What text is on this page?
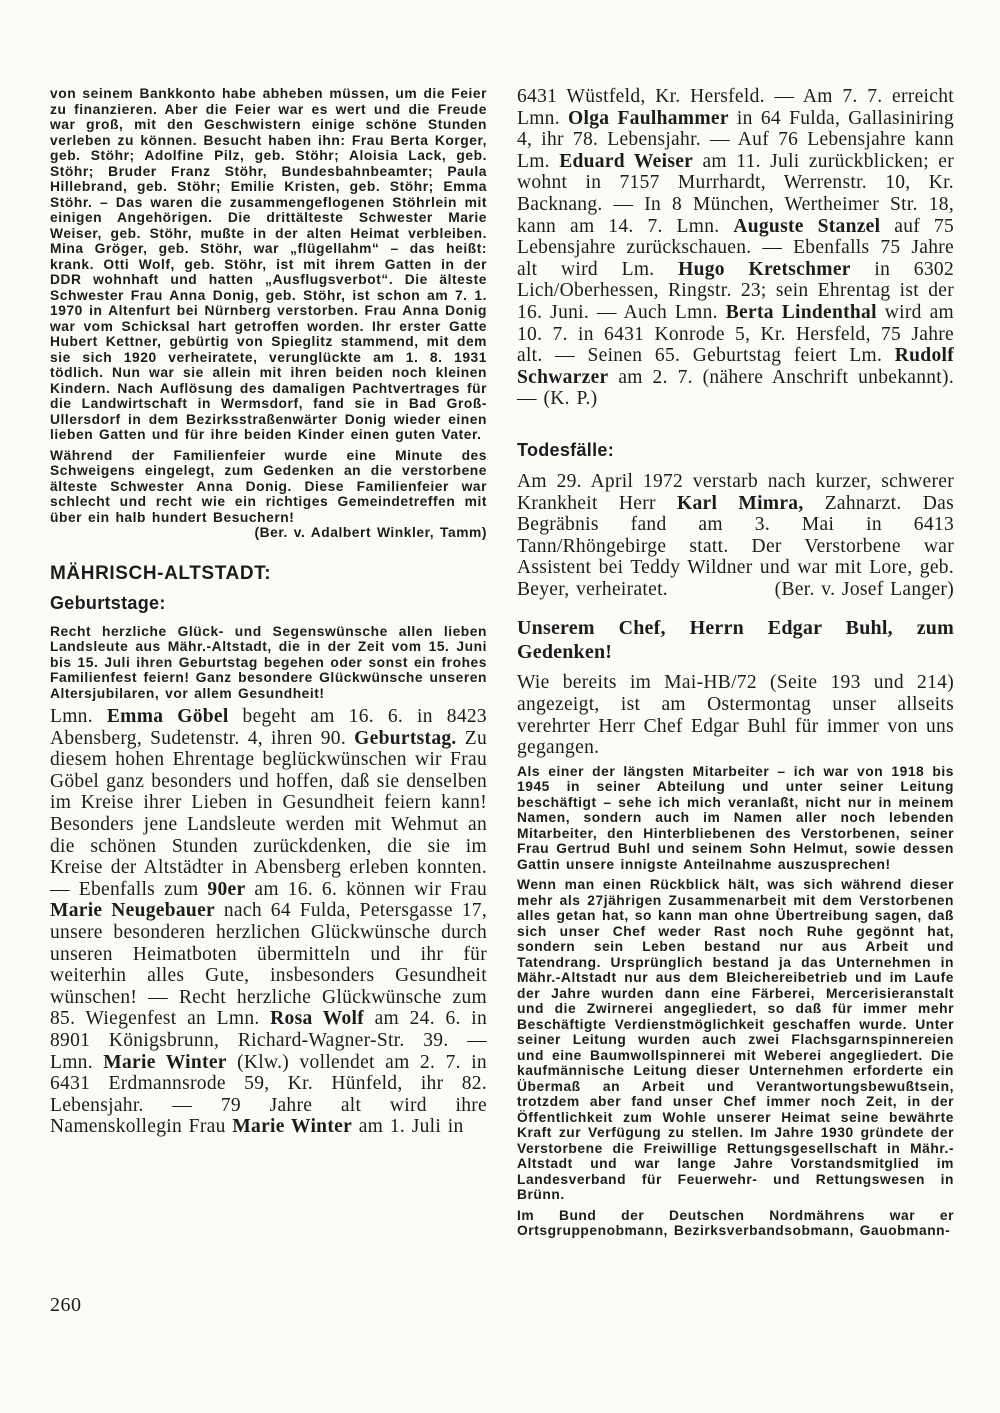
von seinem Bankkonto habe abheben müssen, um die Feier zu finanzieren. Aber die Feier war es wert und die Freude war groß, mit den Geschwistern einige schöne Stunden verleben zu können. Besucht haben ihn: Frau Berta Korger, geb. Stöhr; Adolfine Pilz, geb. Stöhr; Aloisia Lack, geb. Stöhr; Bruder Franz Stöhr, Bundesbahnbeamter; Paula Hillebrand, geb. Stöhr; Emilie Kristen, geb. Stöhr; Emma Stöhr. – Das waren die zusammengeflogenen Stöhrlein mit einigen Angehörigen. Die drittälteste Schwester Marie Weiser, geb. Stöhr, mußte in der alten Heimat verbleiben. Mina Gröger, geb. Stöhr, war „flügellahm“ – das heißt: krank. Otti Wolf, geb. Stöhr, ist mit ihrem Gatten in der DDR wohnhaft und hatten „Ausflugsverbot“. Die älteste Schwester Frau Anna Donig, geb. Stöhr, ist schon am 7. 1. 1970 in Altenfurt bei Nürnberg verstorben. Frau Anna Donig war vom Schicksal hart getroffen worden. Ihr erster Gatte Hubert Kettner, gebürtig von Spieglitz stammend, mit dem sie sich 1920 verheiratete, verunglückte am 1. 8. 1931 tödlich. Nun war sie allein mit ihren beiden noch kleinen Kindern. Nach Auflösung des damaligen Pachtvertrages für die Landwirtschaft in Wermsdorf, fand sie in Bad Groß-Ullersdorf in dem Bezirksstraßenwärter Donig wieder einen lieben Gatten und für ihre beiden Kinder einen guten Vater.
Während der Familienfeier wurde eine Minute des Schweigens eingelegt, zum Gedenken an die verstorbene älteste Schwester Anna Donig. Diese Familienfeier war schlecht und recht wie ein richtiges Gemeindetreffen mit über ein halb hundert Besuchern!
(Ber. v. Adalbert Winkler, Tamm)
MÄHRISCH-ALTSTADT:
Geburtstage:
Recht herzliche Glück- und Segenswünsche allen lieben Landsleute aus Mähr.-Altstadt, die in der Zeit vom 15. Juni bis 15. Juli ihren Geburtstag begehen oder sonst ein frohes Familienfest feiern! Ganz besondere Glückwünsche unseren Altersjubilaren, vor allem Gesundheit!
Lmn. Emma Göbel begeht am 16. 6. in 8423 Abensberg, Sudetenstr. 4, ihren 90. Geburtstag. Zu diesem hohen Ehrentage beglückwünschen wir Frau Göbel ganz besonders und hoffen, daß sie denselben im Kreise ihrer Lieben in Gesundheit feiern kann! Besonders jene Landsleute werden mit Wehmut an die schönen Stunden zurückdenken, die sie im Kreise der Altstädter in Abensberg erleben konnten. — Ebenfalls zum 90er am 16. 6. können wir Frau Marie Neugebauer nach 64 Fulda, Petersgasse 17, unsere besonderen herzlichen Glückwünsche durch unseren Heimatboten übermitteln und ihr für weiterhin alles Gute, insbesonders Gesundheit wünschen! — Recht herzliche Glückwünsche zum 85. Wiegenfest an Lmn. Rosa Wolf am 24. 6. in 8901 Königsbrunn, Richard-Wagner-Str. 39. — Lmn. Marie Winter (Klw.) vollendet am 2. 7. in 6431 Erdmannsrode 59, Kr. Hünfeld, ihr 82. Lebensjahr. — 79 Jahre alt wird ihre Namenskollegin Frau Marie Winter am 1. Juli in
6431 Wüstfeld, Kr. Hersfeld. — Am 7. 7. erreicht Lmn. Olga Faulhammer in 64 Fulda, Gallasiniring 4, ihr 78. Lebensjahr. — Auf 76 Lebensjahre kann Lm. Eduard Weiser am 11. Juli zurückblicken; er wohnt in 7157 Murrhardt, Werrenstr. 10, Kr. Backnang. — In 8 München, Wertheimer Str. 18, kann am 14. 7. Lmn. Auguste Stanzel auf 75 Lebensjahre zurückschauen. — Ebenfalls 75 Jahre alt wird Lm. Hugo Kretschmer in 6302 Lich/Oberhessen, Ringstr. 23; sein Ehrentag ist der 16. Juni. — Auch Lmn. Berta Lindenthal wird am 10. 7. in 6431 Konrode 5, Kr. Hersfeld, 75 Jahre alt. — Seinen 65. Geburtstag feiert Lm. Rudolf Schwarzer am 2. 7. (nähere Anschrift unbekannt). — (K. P.)
Todesfälle:
Am 29. April 1972 verstarb nach kurzer, schwerer Krankheit Herr Karl Mimra, Zahnarzt. Das Begräbnis fand am 3. Mai in 6413 Tann/Rhöngebirge statt. Der Verstorbene war Assistent bei Teddy Wildner und war mit Lore, geb. Beyer, verheiratet.	(Ber. v. Josef Langer)
Unserem Chef, Herrn Edgar Buhl, zum Gedenken!
Wie bereits im Mai-HB/72 (Seite 193 und 214) angezeigt, ist am Ostermontag unser allseits verehrter Herr Chef Edgar Buhl für immer von uns gegangen.
Als einer der längsten Mitarbeiter – ich war von 1918 bis 1945 in seiner Abteilung und unter seiner Leitung beschäftigt – sehe ich mich veranlaßt, nicht nur in meinem Namen, sondern auch im Namen aller noch lebenden Mitarbeiter, den Hinterbliebenen des Verstorbenen, seiner Frau Gertrud Buhl und seinem Sohn Helmut, sowie dessen Gattin unsere innigste Anteilnahme auszusprechen!
Wenn man einen Rückblick hält, was sich während dieser mehr als 27jährigen Zusammenarbeit mit dem Verstorbenen alles getan hat, so kann man ohne Übertreibung sagen, daß sich unser Chef weder Rast noch Ruhe gegönnt hat, sondern sein Leben bestand nur aus Arbeit und Tatendrang. Ursprünglich bestand ja das Unternehmen in Mähr.-Altstadt nur aus dem Bleichereibetrieb und im Laufe der Jahre wurden dann eine Färberei, Mercerisieranstalt und die Zwirnerei angegliedert, so daß für immer mehr Beschäftigte Verdienstmöglichkeit geschaffen wurde. Unter seiner Leitung wurden auch zwei Flachsgarnspinnereien und eine Baumwollspinnerei mit Weberei angegliedert. Die kaufmännische Leitung dieser Unternehmen erforderte ein Übermaß an Arbeit und Verantwortungsbewußtsein, trotzdem aber fand unser Chef immer noch Zeit, in der Öffentlichkeit zum Wohle unserer Heimat seine bewährte Kraft zur Verfügung zu stellen. Im Jahre 1930 gründete der Verstorbene die Freiwillige Rettungsgesellschaft in Mähr.-Altstadt und war lange Jahre Vorstandsmitglied im Landesverband für Feuerwehr- und Rettungswesen in Brünn.
Im Bund der Deutschen Nordmährens war er Ortsgruppenobmann, Bezirksverbandsobmann, Gauobmann-
260
